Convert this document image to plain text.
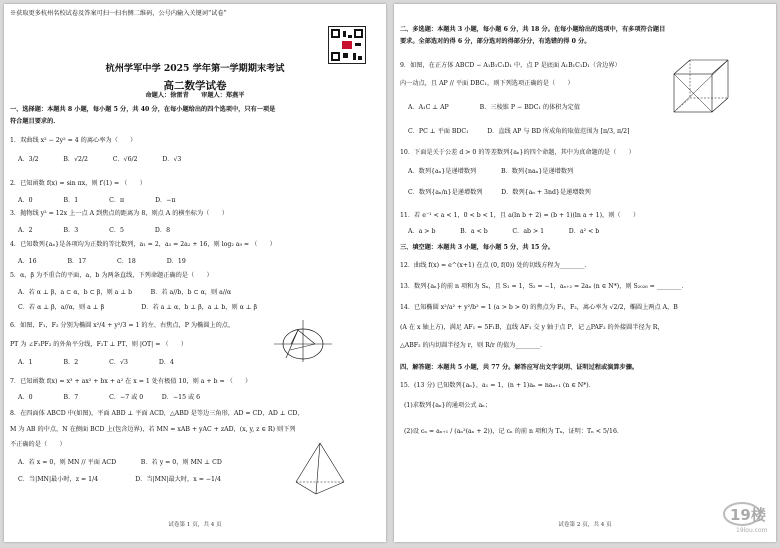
※获取更多杭州名校试卷及答案可扫一扫右侧二维码，公号内输入关键词“试卷”
杭州学军中学 2025 学年第一学期期末考试
高二数学试卷
命题人：徐雷青　　审题人：郑燕平
一、选择题：本题共 8 小题，每小题 5 分，共 40 分，在每小题给出的四个选项中，只有一项是
符合题目要求的．
1．双曲线 x² − 2y² = 4 的离心率为（　　）
A．3/2　　　　B．√2/2　　　　C．√6/2　　　　D．√3
2．已知函数 f(x) = sin πx，则 f′(1) = （　　）
A．0　　　　　B．1　　　　　C．π　　　　　D．−π
3．抛物线 y² = 12x 上一点 A 到焦点的距离为 8，则点 A 的横坐标为（　　）
A．2　　　　　B．3　　　　　C．5　　　　　D．8
4．已知数列{aₙ}是各项均为正数的等比数列，a₁ = 2，a₃ = 2a₂ + 16，则 log₂ a₉ = （　　）
A．16　　　　　B．17　　　　　C．18　　　　　D．19
5．α，β 为不重合的平面，a，b 为两条直线，下列命题正确的是（　　）
A．若 α ⊥ β，a ⊂ α，b ⊂ β，则 a ⊥ b　　　B．若 a//b，b ⊂ α，则 a//α
C．若 α ⊥ β，a//α，则 a ⊥ β　　　　　　D．若 a ⊥ α，b ⊥ β，a ⊥ b，则 α ⊥ β
6．如图，F₁，F₂ 分别为椭圆 x²/4 + y²/3 = 1 的左、右焦点，P 为椭圆上的点，
PT 为 ∠F₁PF₂ 的外角平分线，F₂T ⊥ PT，则 |OT| = （　　）
A．1　　　　　B．2　　　　　C．√3　　　　　D．4
7．已知函数 f(x) = x³ + ax² + bx + a² 在 x = 1 处有极值 10，则 a + b = （　　）
A．0　　　　　B．7　　　　　C．−7 或 0　　　D．−15 或 6
8．在四面体 ABCD 中(如图)，平面 ABD ⊥ 平面 ACD，△ABD 是等边三角形，AD = CD，AD ⊥ CD，
M 为 AB 的中点，N 在侧面 BCD 上(包含边界)，若 MN = xAB + yAC + zAD，(x, y, z ∈ R) 则下列
不正确的是（　　）
A．若 x = 0，则 MN // 平面 ACD　　　　B．若 y = 0，则 MN ⊥ CD
C．当|MN|最小时，z = 1/4　　　　　　D．当|MN|最大时，x = −1/4
试卷第 1 页，共 4 页
二、多选题：本题共 3 小题，每小题 6 分，共 18 分。在每小题给出的选项中，有多项符合题目
要求。全部选对的得 6 分，部分选对的得部分分，有选错的得 0 分。
9．如图，在正方体 ABCD − A₁B₁C₁D₁ 中，点 P 是底面 A₁B₁C₁D₁（含边界）
内一动点，且 AP // 平面 DBC₁，则下列选项正确的是（　　）
A．A₁C ⊥ AP　　　　　B．三棱锥 P − BDC₁ 的体积为定值
C．PC ⊥ 平面 BDC₁　　　D．直线 AP 与 BD 所成角的取值范围为 [π/3, π/2]
10．下面是关于公差 d > 0 的等差数列{aₙ}的四个命题，其中为真命题的是（　　）
A．数列{aₙ}是递增数列　　　　B．数列{naₙ}是递增数列
C．数列{aₙ/n}是递增数列　　　D．数列{aₙ + 3nd}是递增数列
11．若 e⁻¹ < a < 1，0 < b < 1，且 a(ln b + 2) = (b + 1)(ln a + 1)，则（　　）
A．a > b　　　　B．a < b　　　　C．ab > 1　　　　D．a² < b
三、填空题：本题共 3 小题，每小题 5 分，共 15 分。
12．曲线 f(x) = e^(x+1) 在点 (0, f(0)) 处的切线方程为________．
13．数列{aₙ}的前 n 项和为 Sₙ，且 S₁ = 1，S₂ = −1，aₙ₊₂ = 2aₙ (n ∈ N*)，则 S₂₀₂₆ = ________．
14．已知椭圆 x²/a² + y²/b² = 1 (a > b > 0) 的焦点为 F₁，F₂，离心率为 √2/2，椭圆上两点 A，B
(A 在 x 轴上方)，满足 AF₁ = 5F₁B，直线 AF₁ 交 y 轴于点 P，记 △PAF₂ 的外接圆半径为 R，
△ABF₂ 的内切圆半径为 r，则 R/r 的值为________．
四、解答题：本题共 5 小题，共 77 分。解答应写出文字说明、证明过程或演算步骤。
15．(13 分) 已知数列{aₙ}，a₁ = 1，(n + 1)aₙ = naₙ₊₁ (n ∈ N*)．
(1)求数列{aₙ}的通项公式 aₙ；
(2)设 cₙ = aₙ₊₁ / (aₙ²(aₙ + 2))，记 cₙ 的前 n 项和为 Tₙ，证明：Tₙ < 5/16．
试卷第 2 页，共 4 页
19楼
19lou.com
